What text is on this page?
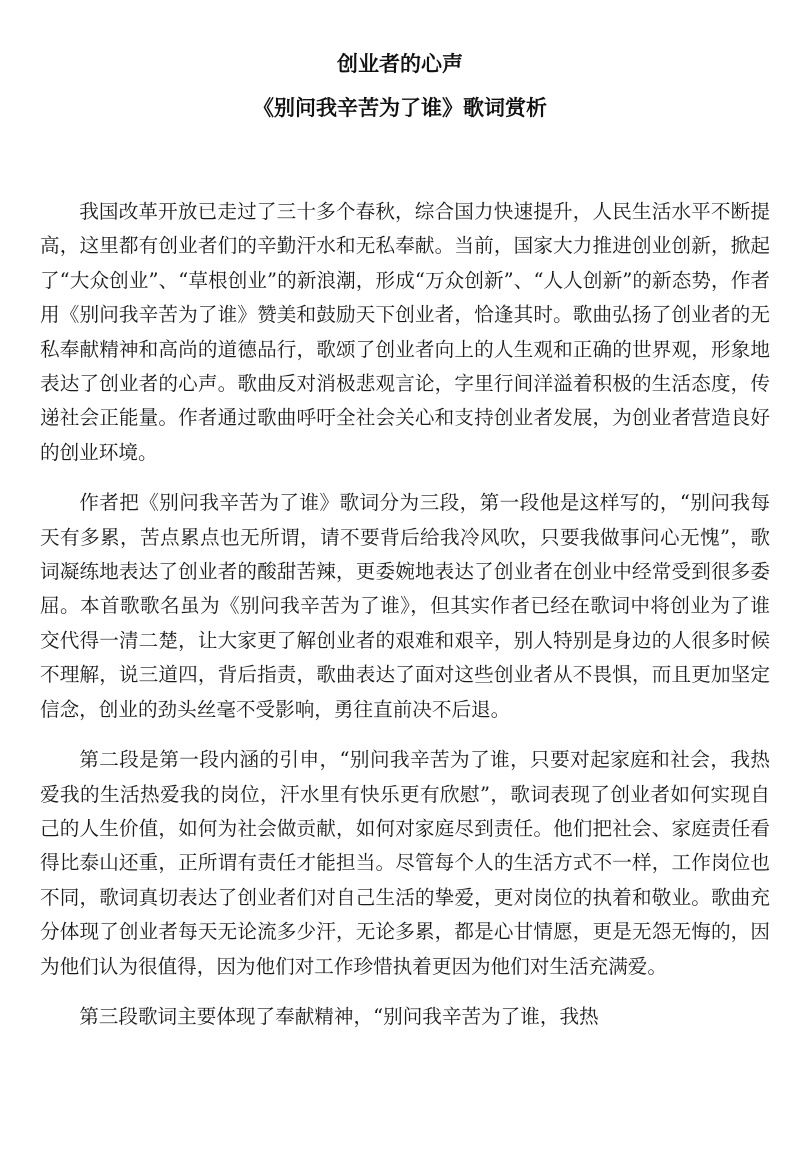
创业者的心声
《别问我辛苦为了谁》歌词赏析

我国改革开放已走过了三十多个春秋，综合国力快速提升，人民生活水平不断提高，这里都有创业者们的辛勤汗水和无私奉献。当前，国家大力推进创业创新，掀起了“大众创业”、“草根创业”的新浪潮，形成“万众创新”、“人人创新”的新态势，作者用《别问我辛苦为了谁》赞美和鼓励天下创业者，恰逢其时。歌曲弘扬了创业者的无私奉献精神和高尚的道德品行，歌颂了创业者向上的人生观和正确的世界观，形象地表达了创业者的心声。歌曲反对消极悲观言论，字里行间洋溢着积极的生活态度，传递社会正能量。作者通过歌曲呼吁全社会关心和支持创业者发展，为创业者营造良好的创业环境。

作者把《别问我辛苦为了谁》歌词分为三段，第一段他是这样写的，“别问我每天有多累，苦点累点也无所谓，请不要背后给我冷风吹，只要我做事问心无愧”，歌词凝练地表达了创业者的酸甜苦辣，更委婉地表达了创业者在创业中经常受到很多委屈。本首歌歌名虽为《别问我辛苦为了谁》，但其实作者已经在歌词中将创业为了谁交代得一清二楚，让大家更了解创业者的艰难和艰辛，别人特别是身边的人很多时候不理解，说三道四，背后指责，歌曲表达了面对这些创业者从不畏惧，而且更加坚定信念，创业的劲头丝毫不受影响，勇往直前决不后退。

第二段是第一段内涵的引申，“别问我辛苦为了谁，只要对起家庭和社会，我热爱我的生活热爱我的岗位，汗水里有快乐更有欣慰”，歌词表现了创业者如何实现自己的人生价值，如何为社会做贡献，如何对家庭尽到责任。他们把社会、家庭责任看得比泰山还重，正所谓有责任才能担当。尽管每个人的生活方式不一样，工作岗位也不同，歌词真切表达了创业者们对自己生活的挚爱，更对岗位的执着和敬业。歌曲充分体现了创业者每天无论流多少汗，无论多累，都是心甘情愿，更是无怨无悔的，因为他们认为很值得，因为他们对工作珍惜执着更因为他们对生活充满爱。

第三段歌词主要体现了奉献精神，“别问我辛苦为了谁，我热
